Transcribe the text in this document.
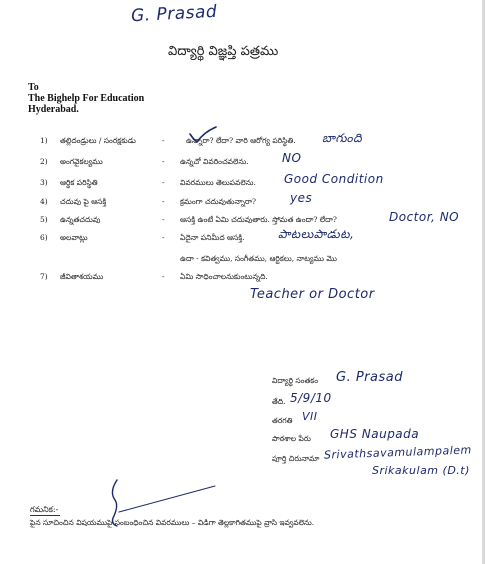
G. Prasad
విద్యార్థి విజ్ఞప్తి పత్రము
To
The Bighelp For Education
Hyderabad.
1) తల్లిదండ్రులు / సంరక్షకుడు	-	ఉన్నారా? లేదా? వారి ఆరోగ్య పరిస్థితి. బాగుంది
2) అంగవైకల్యము	- ఉన్నచో వివరించవలెను.	NO
3) ఆర్థిక పరిస్థితి	- వివరములు తెలుపవలెను. Good Condition
4) చదువు పై ఆసక్తి	- క్రమంగా చదువుతున్నారా?	yes
5) ఉన్నతచదువు	- ఆసక్తి ఉంటే ఏమి చదువుతారు. స్తోమత ఉందా? లేదా?	Doctor, NO
6) అలవాట్లు	- ఏదైనా పనిమీద ఆసక్తి.	పాటలుపాడుట,
ఉదా - కవిత్వము, సంగీతము, ఆర్టికలు, నాట్యము మొ
7) జీవితాశయము	- ఏమి సాధించాలనుకుంటున్నది.
Teacher or Doctor
విద్యార్థి సంతకం G. Prasad
తేది. 5/9/10
తరగతి VII
పాఠశాల పేరు GHS Naupada
పూర్తి చిరునామా Srivathsavamulampalem
Srikakulam (D.t)
గమనిక:-
పైన సూచించిన విషయముపై సంబంధించిన వివరములు – విడిగా తెల్లకాగితముపై వ్రాసి ఇవ్వవలెను.
